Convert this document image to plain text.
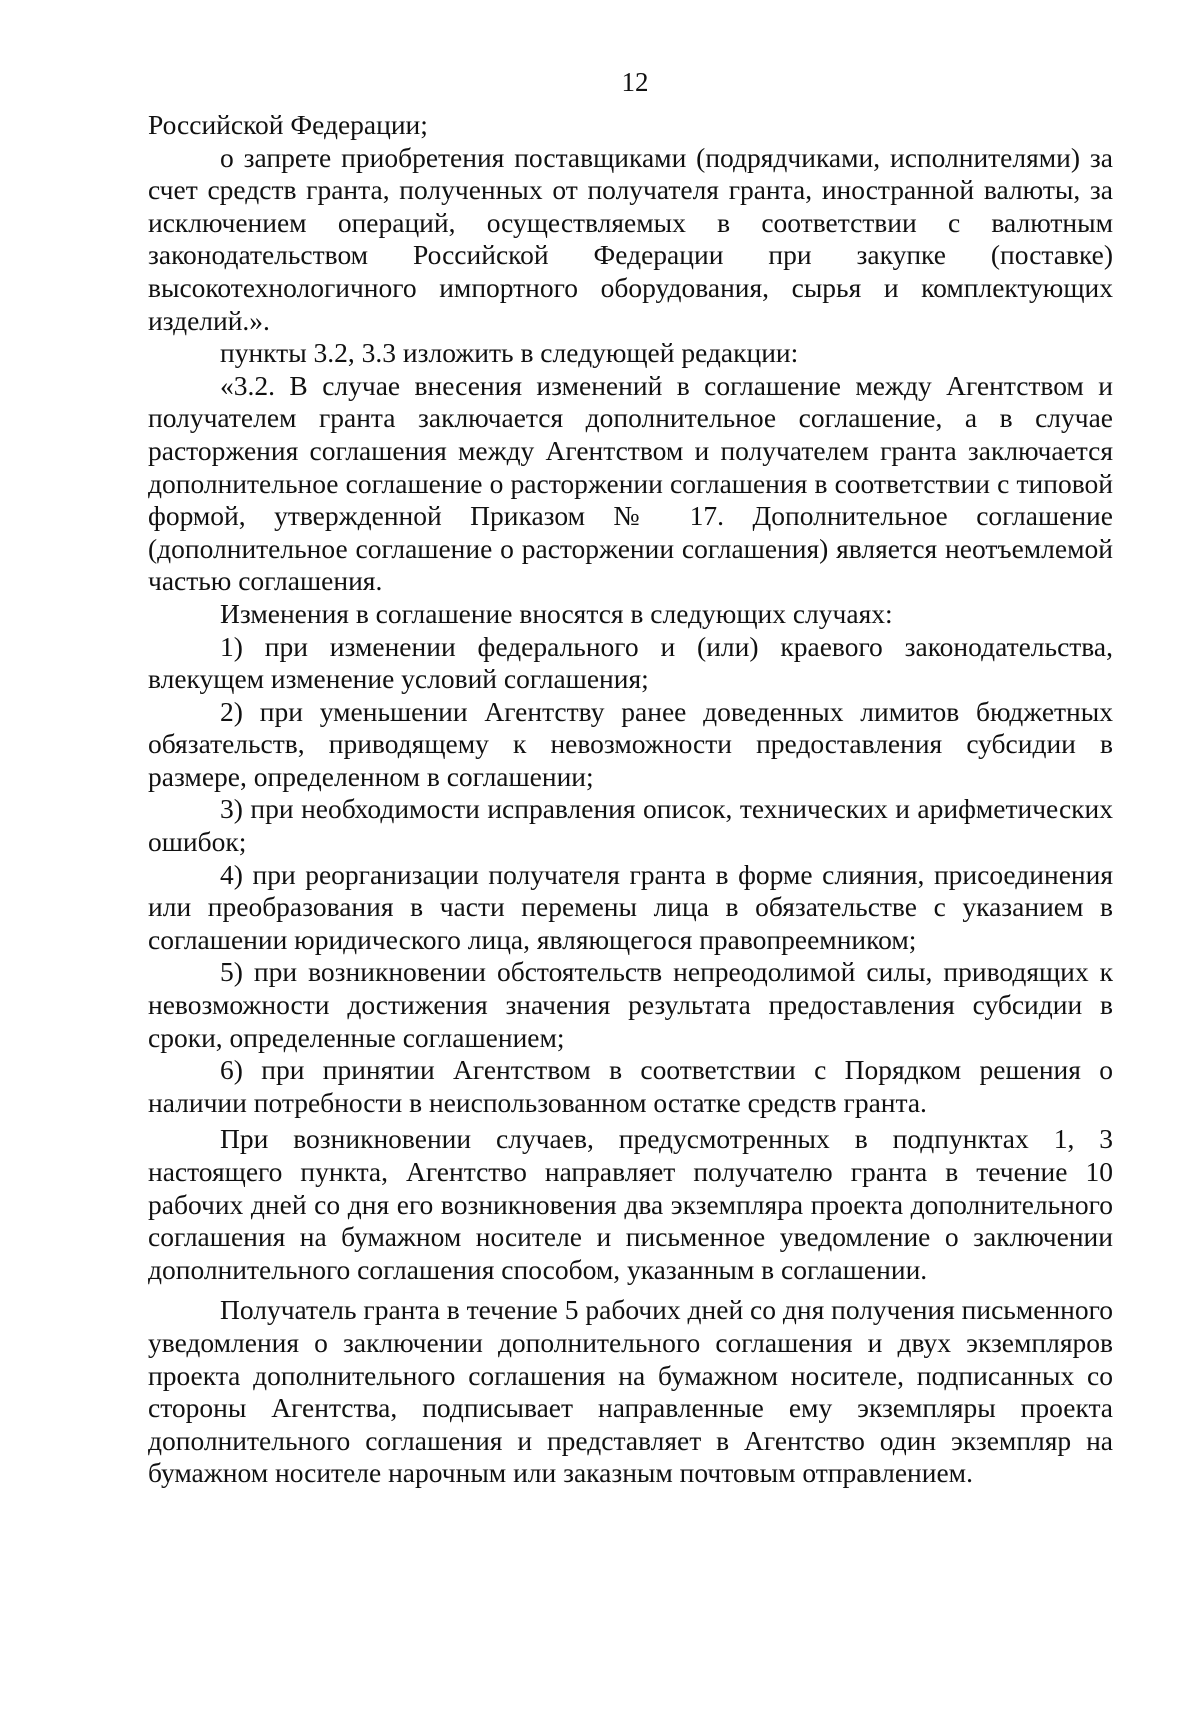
12

Российской Федерации;

о запрете приобретения поставщиками (подрядчиками, исполнителями) за счет средств гранта, полученных от получателя гранта, иностранной валюты, за исключением операций, осуществляемых в соответствии с валютным законодательством Российской Федерации при закупке (поставке) высокотехнологичного импортного оборудования, сырья и комплектующих изделий.».

пункты 3.2, 3.3 изложить в следующей редакции:

«3.2. В случае внесения изменений в соглашение между Агентством и получателем гранта заключается дополнительное соглашение, а в случае расторжения соглашения между Агентством и получателем гранта заключается дополнительное соглашение о расторжении соглашения в соответствии с типовой формой, утвержденной Приказом № 17. Дополнительное соглашение (дополнительное соглашение о расторжении соглашения) является неотъемлемой частью соглашения.

Изменения в соглашение вносятся в следующих случаях:

1) при изменении федерального и (или) краевого законодательства, влекущем изменение условий соглашения;

2) при уменьшении Агентству ранее доведенных лимитов бюджетных обязательств, приводящему к невозможности предоставления субсидии в размере, определенном в соглашении;

3) при необходимости исправления описок, технических и арифметических ошибок;

4) при реорганизации получателя гранта в форме слияния, присоединения или преобразования в части перемены лица в обязательстве с указанием в соглашении юридического лица, являющегося правопреемником;

5) при возникновении обстоятельств непреодолимой силы, приводящих к невозможности достижения значения результата предоставления субсидии в сроки, определенные соглашением;

6) при принятии Агентством в соответствии с Порядком решения о наличии потребности в неиспользованном остатке средств гранта.

При возникновении случаев, предусмотренных в подпунктах 1, 3 настоящего пункта, Агентство направляет получателю гранта в течение 10 рабочих дней со дня его возникновения два экземпляра проекта дополнительного соглашения на бумажном носителе и письменное уведомление о заключении дополнительного соглашения способом, указанным в соглашении.

Получатель гранта в течение 5 рабочих дней со дня получения письменного уведомления о заключении дополнительного соглашения и двух экземпляров проекта дополнительного соглашения на бумажном носителе, подписанных со стороны Агентства, подписывает направленные ему экземпляры проекта дополнительного соглашения и представляет в Агентство один экземпляр на бумажном носителе нарочным или заказным почтовым отправлением.
